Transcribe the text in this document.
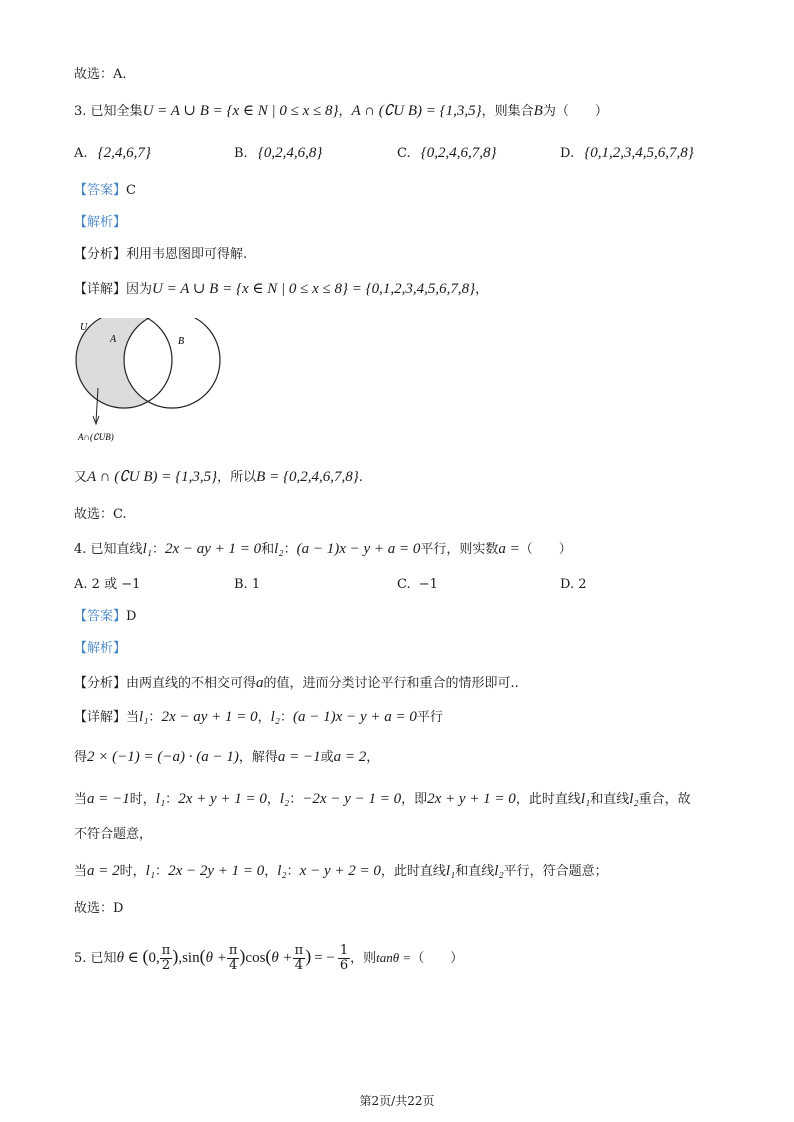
故选：A.
3. 已知全集U = A ∪ B = {x ∈ N | 0 ≤ x ≤ 8}，A ∩ (∁U B) = {1,3,5}，则集合B为（　　）
A. {2,4,6,7}	B. {0,2,4,6,8}	C. {0,2,4,6,7,8}	D. {0,1,2,3,4,5,6,7,8}
【答案】C
【解析】
【分析】利用韦恩图即可得解.
【详解】因为U = A ∪ B = {x ∈ N | 0 ≤ x ≤ 8} = {0,1,2,3,4,5,6,7,8}，
U
A	B
A∩(∁UB)
又A ∩ (∁U B) = {1,3,5}，所以B = {0,2,4,6,7,8}.
故选：C.
4. 已知直线l₁：2x − ay + 1 = 0和l₂：(a − 1)x − y + a = 0平行，则实数a =（　　）
A. 2 或 −1	B. 1	C. −1	D. 2
【答案】D
【解析】
【分析】由两直线的不相交可得a的值，进而分类讨论平行和重合的情形即可..
【详解】当l₁：2x − ay + 1 = 0，l₂：(a − 1)x − y + a = 0平行
得2 × (−1) = (−a) · (a − 1)，解得a = −1或a = 2，
当a = −1时，l₁：2x + y + 1 = 0，l₂：−2x − y − 1 = 0，即2x + y + 1 = 0，此时直线l₁和直线l₂重合，故
不符合题意，
当a = 2时，l₁：2x − 2y + 1 = 0，l₂：x − y + 2 = 0，此时直线l₁和直线l₂平行，符合题意；
故选：D
5. 已知θ ∈ (0, $\frac{\pi}{2} ),\sin(\theta + \frac{\pi}{4} )\cos(\theta + \frac{\pi}{4}$ ) = − $\frac{1}{6}$ ，则tanθ =（　　）
第2页/共22页
